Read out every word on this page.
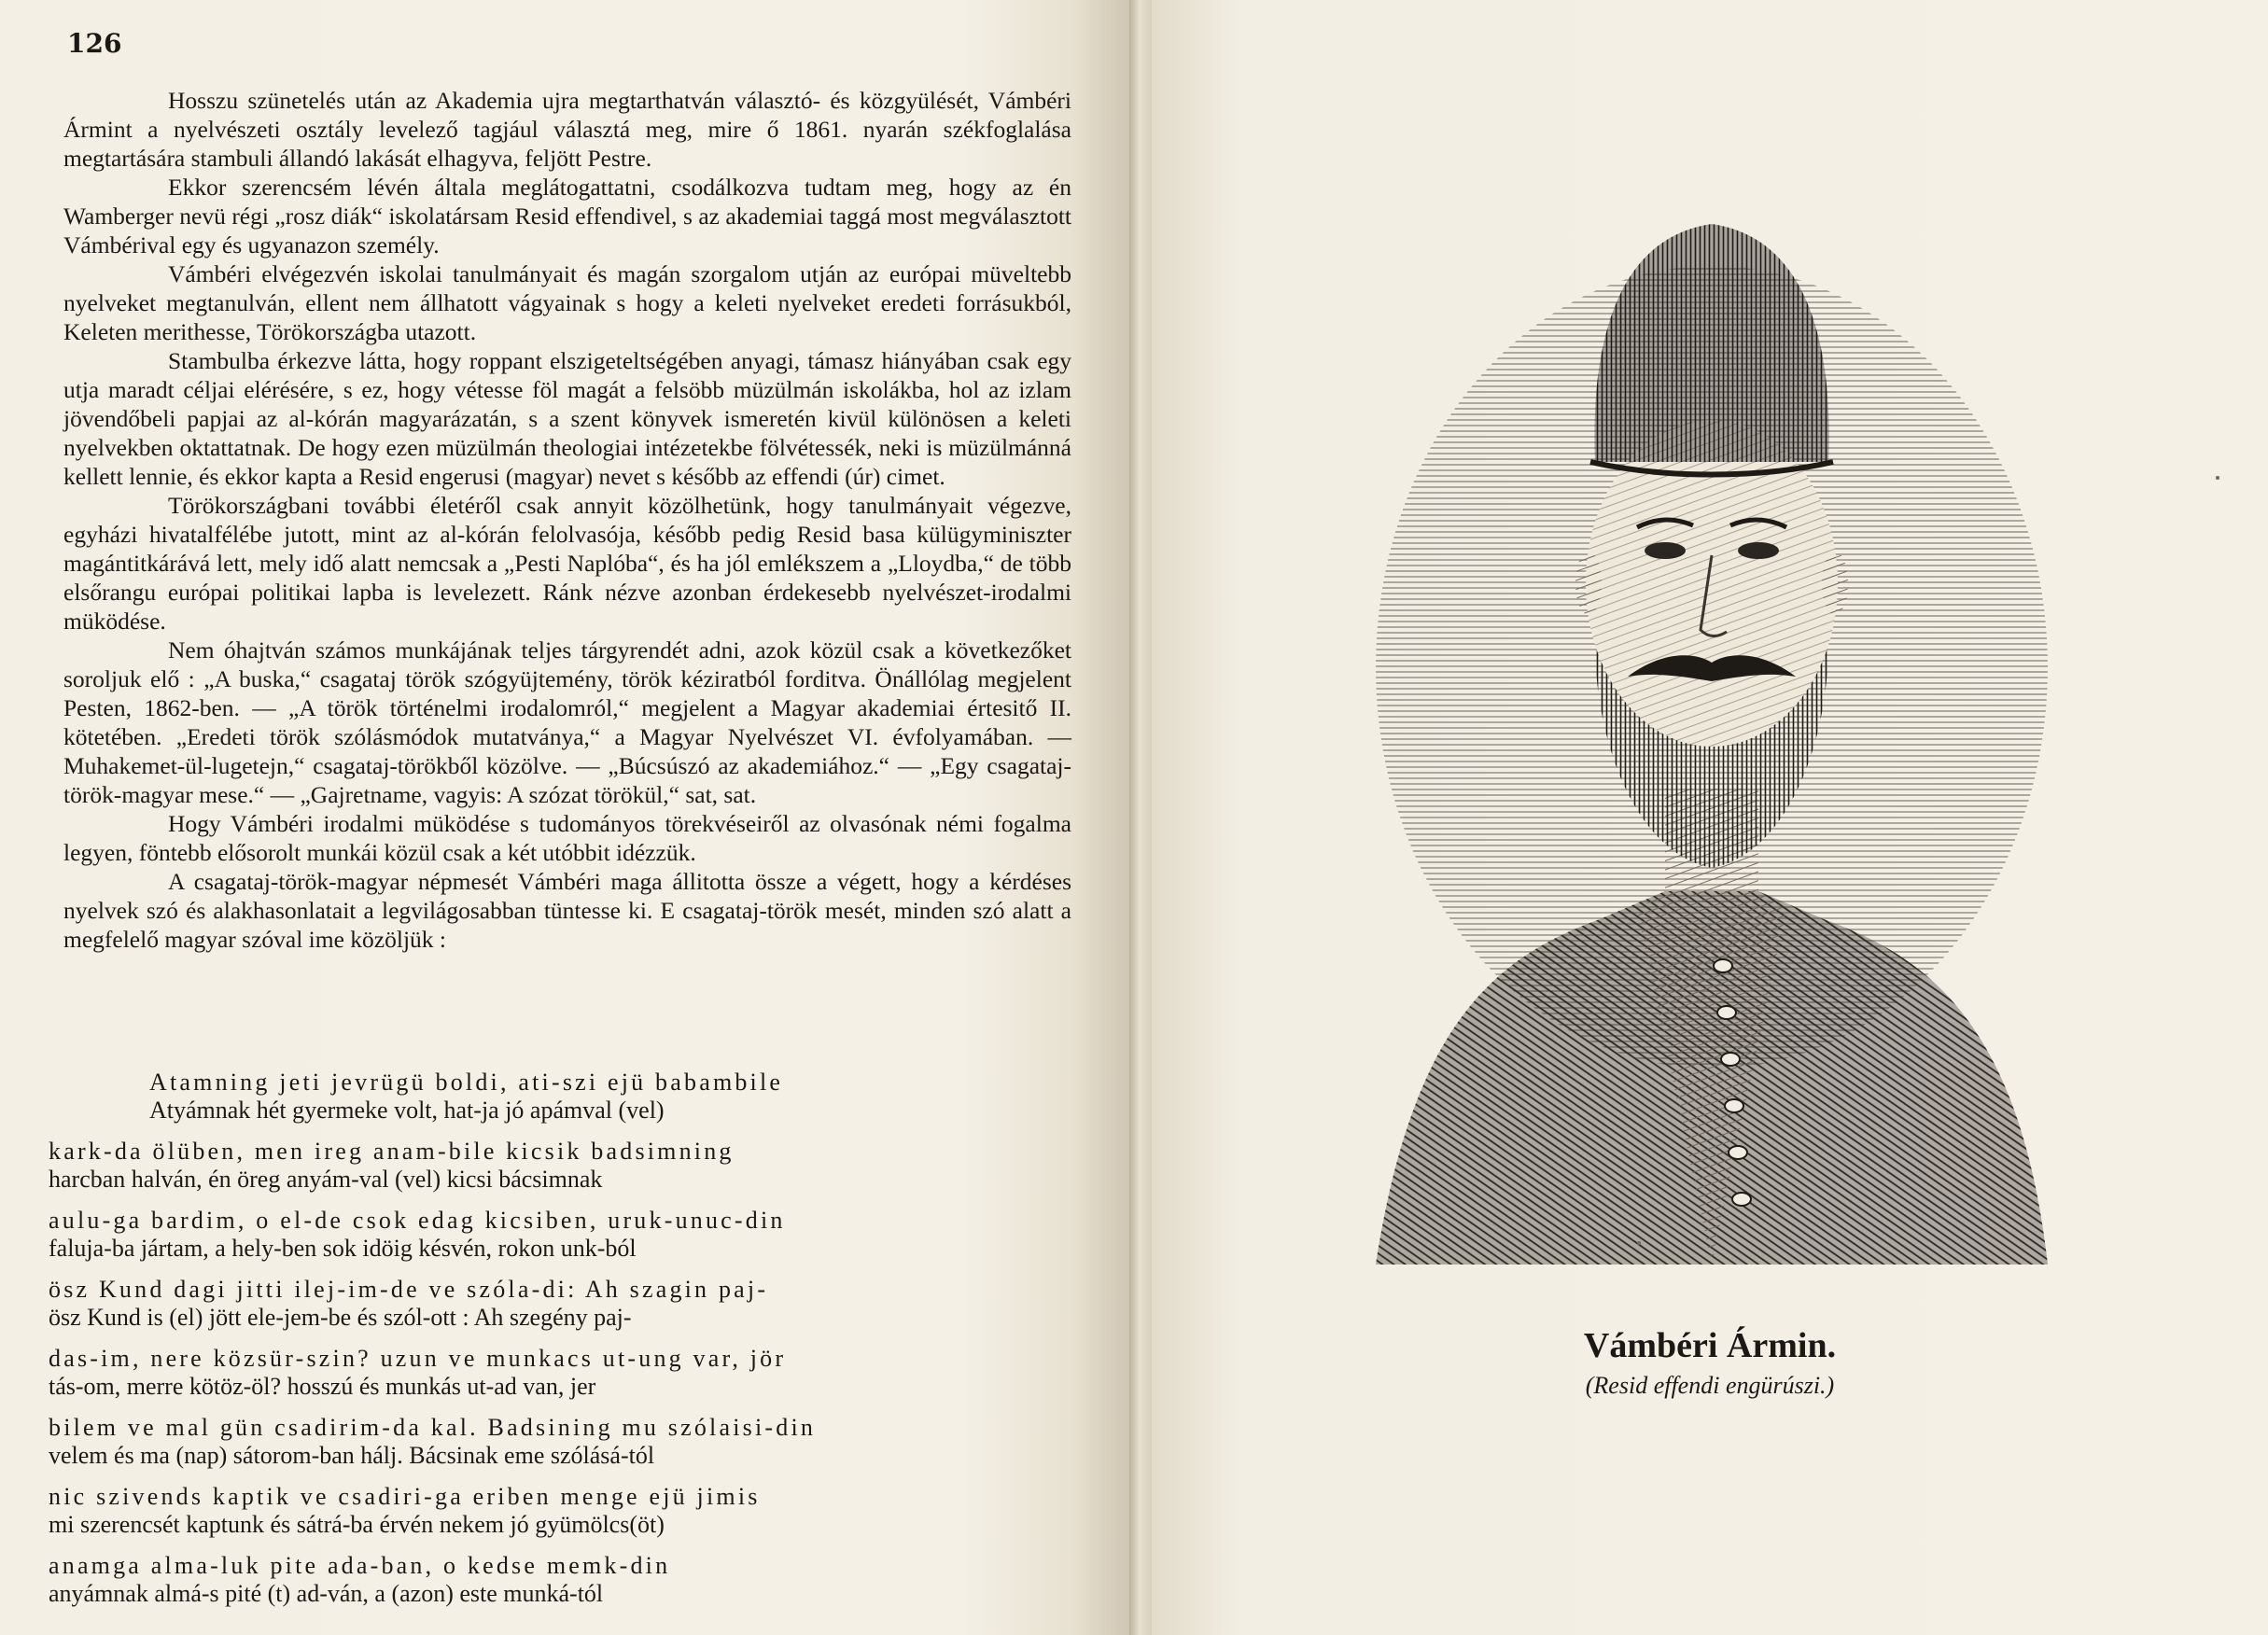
126

Hosszu szünetelés után az Akademia ujra megtarthatván választó- és közgyülését, Vámbéri Ármint a nyelvészeti osztály levelező tagjául választá meg, mire ő 1861. nyarán székfoglalása megtartására stambuli állandó lakását elhagyva, feljött Pestre.

Ekkor szerencsém lévén általa meglátogattatni, csodálkozva tudtam meg, hogy az én Wamberger nevü régi „rosz diák“ iskolatársam Resid effendivel, s az akademiai taggá most megválasztott Vámbérival egy és ugyanazon személy.

Vámbéri elvégezvén iskolai tanulmányait és magán szorgalom utján az európai müveltebb nyelveket megtanulván, ellent nem állhatott vágyainak s hogy a keleti nyelveket eredeti forrásukból, Keleten merithesse, Törökországba utazott.

Stambulba érkezve látta, hogy roppant elszigeteltségében anyagi, támasz hiányában csak egy utja maradt céljai elérésére, s ez, hogy vétesse föl magát a felsöbb müzülmán iskolákba, hol az izlam jövendőbeli papjai az al-kórán magyarázatán, s a szent könyvek ismeretén kivül különösen a keleti nyelvekben oktattatnak. De hogy ezen müzülmán theologiai intézetekbe fölvétessék, neki is müzülmánná kellett lennie, és ekkor kapta a Resid engerusi (magyar) nevet s később az effendi (úr) cimet.

Törökországbani további életéről csak annyit közölhetünk, hogy tanulmányait végezve, egyházi hivatalfélébe jutott, mint az al-kórán felolvasója, később pedig Resid basa külügyminiszter magántitkárává lett, mely idő alatt nemcsak a „Pesti Naplóba“, és ha jól emlékszem a „Lloydba,“ de több elsőrangu európai politikai lapba is levelezett. Ránk nézve azonban érdekesebb nyelvészet-irodalmi müködése.

Nem óhajtván számos munkájának teljes tárgyrendét adni, azok közül csak a következőket soroljuk elő : „A buska,“ csagataj török szógyüjtemény, török kéziratból forditva. Önállólag megjelent Pesten, 1862-ben. — „A török történelmi irodalomról,“ megjelent a Magyar akademiai értesitő II. kötetében. „Eredeti török szólásmódok mutatványa,“ a Magyar Nyelvészet VI. évfolyamában. — Muhakemet-ül-lugetejn,“ csagataj-törökből közölve. — „Búcsúszó az akademiához.“ — „Egy csagataj-török-magyar mese.“ — „Gajretname, vagyis: A szózat törökül,“ sat, sat.

Hogy Vámbéri irodalmi müködése s tudományos törekvéseiről az olvasónak némi fogalma legyen, föntebb elősorolt munkái közül csak a két utóbbit idézzük.

A csagataj-török-magyar népmesét Vámbéri maga állitotta össze a végett, hogy a kérdéses nyelvek szó és alakhasonlatait a legvilágosabban tüntesse ki. E csagataj-török mesét, minden szó alatt a megfelelő magyar szóval ime közöljük :

Atamning jeti jevrügü boldi, ati-szi ejü babambile
Atyámnak hét gyermeke volt, hat-ja jó apámval (vel)
kark-da ölüben, men ireg anam-bile kicsik badsimning
harcban halván, én öreg anyám-val (vel) kicsi bácsimnak
aulu-ga bardim, o el-de csok edag kicsiben, uruk-unuc-din
faluja-ba jártam, a hely-ben sok idöig késvén, rokon unk-ból
ösz Kund dagi jitti ilej-im-de ve szóla-di: Ah szagin paj-
ösz Kund is (el) jött ele-jem-be és szól-ott : Ah szegény paj-
das-im, nere közsür-szin? uzun ve munkacs ut-ung var, jör
tás-om, merre kötöz-öl? hosszú és munkás ut-ad van, jer
bilem ve mal gün csadirim-da kal. Badsining mu szólaisi-din
velem és ma (nap) sátorom-ban hálj. Bácsinak eme szólásá-tól
nic szivends kaptik ve csadiri-ga eriben menge ejü jimis
mi szerencsét kaptunk és sátrá-ba érvén nekem jó gyümölcs(öt)
anamga alma-luk pite ada-ban, o kedse memk-din
anyámnak almá-s pité (t) ad-ván, a (azon) este munká-tól
Vámbéri Ármin.
(Resid effendi engürúszi.)
